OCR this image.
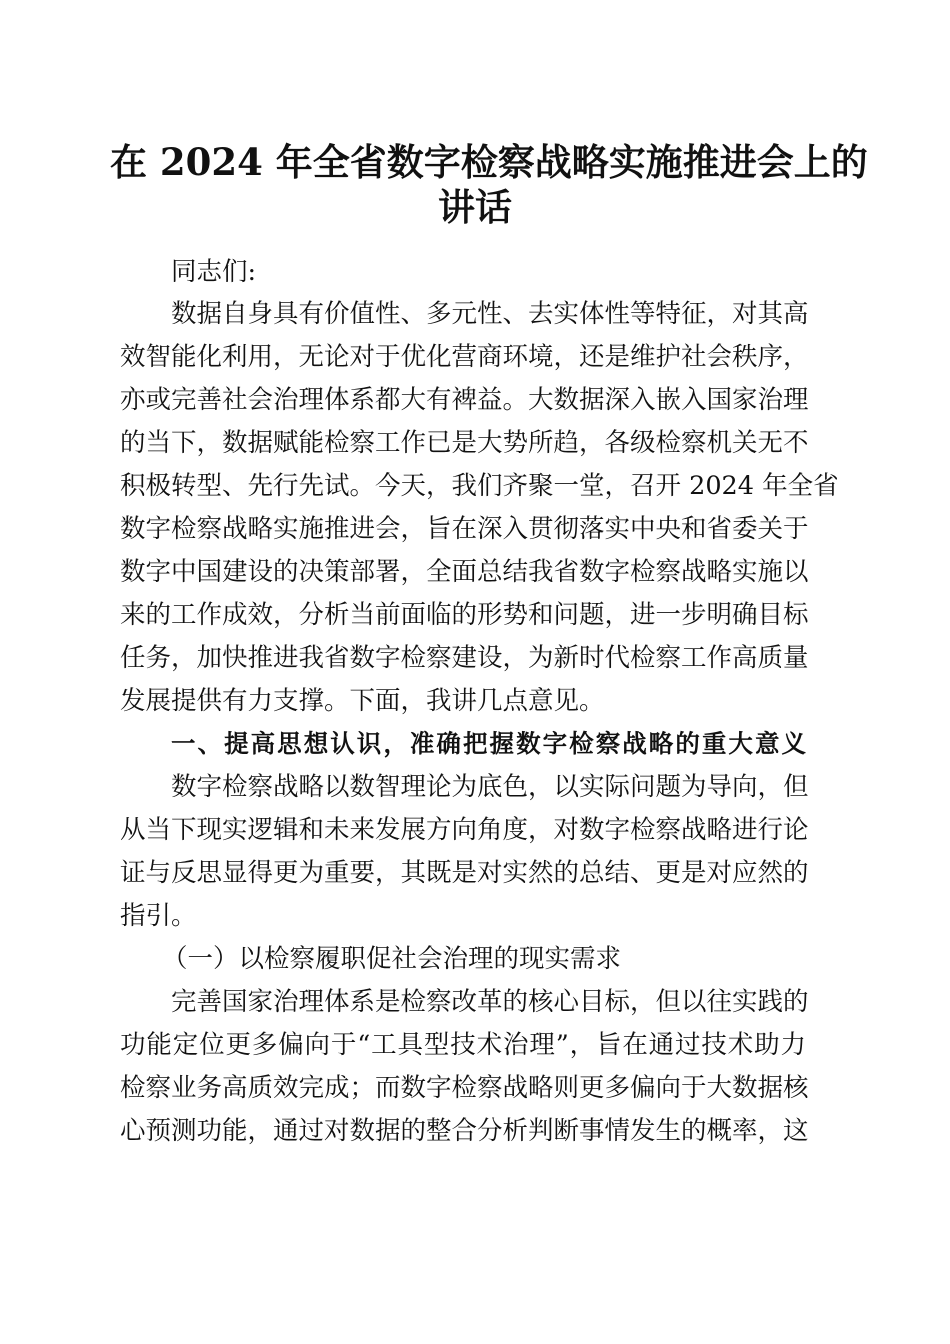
在 2024 年全省数字检察战略实施推进会上的
讲话
同志们:
数据自身具有价值性、多元性、去实体性等特征，对其高
效智能化利用，无论对于优化营商环境，还是维护社会秩序，
亦或完善社会治理体系都大有裨益。大数据深入嵌入国家治理
的当下，数据赋能检察工作已是大势所趋，各级检察机关无不
积极转型、先行先试。今天，我们齐聚一堂，召开 2024 年全省
数字检察战略实施推进会，旨在深入贯彻落实中央和省委关于
数字中国建设的决策部署，全面总结我省数字检察战略实施以
来的工作成效，分析当前面临的形势和问题，进一步明确目标
任务，加快推进我省数字检察建设，为新时代检察工作高质量
发展提供有力支撑。下面，我讲几点意见。
一、提高思想认识，准确把握数字检察战略的重大意义
数字检察战略以数智理论为底色，以实际问题为导向，但
从当下现实逻辑和未来发展方向角度，对数字检察战略进行论
证与反思显得更为重要，其既是对实然的总结、更是对应然的
指引。
（一）以检察履职促社会治理的现实需求
完善国家治理体系是检察改革的核心目标，但以往实践的
功能定位更多偏向于“工具型技术治理”，旨在通过技术助力
检察业务高质效完成；而数字检察战略则更多偏向于大数据核
心预测功能，通过对数据的整合分析判断事情发生的概率，这
